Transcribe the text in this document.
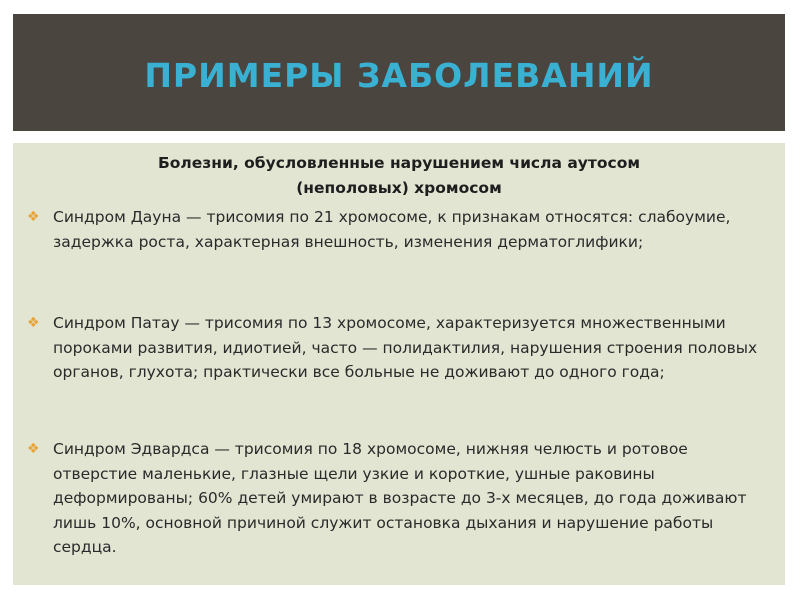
ПРИМЕРЫ ЗАБОЛЕВАНИЙ
Болезни, обусловленные нарушением числа аутосом
(неполовых) хромосом
❖ Синдром Дауна — трисомия по 21 хромосоме, к признакам относятся: слабоумие, задержка роста, характерная внешность, изменения дерматоглифики;
❖ Синдром Патау — трисомия по 13 хромосоме, характеризуется множественными пороками развития, идиотией, часто — полидактилия, нарушения строения половых органов, глухота; практически все больные не доживают до одного года;
❖ Синдром Эдвардса — трисомия по 18 хромосоме, нижняя челюсть и ротовое отверстие маленькие, глазные щели узкие и короткие, ушные раковины деформированы; 60% детей умирают в возрасте до 3-х месяцев, до года доживают лишь 10%, основной причиной служит остановка дыхания и нарушение работы сердца.
